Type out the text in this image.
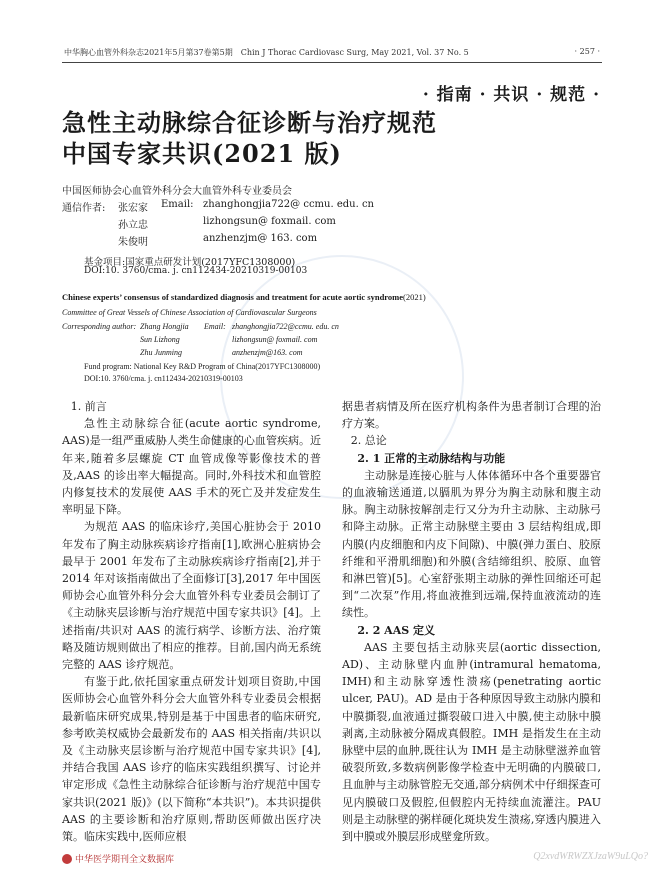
中华胸心血管外科杂志2021年5月第37卷第5期　Chin J Thorac Cardiovasc Surg, May 2021, Vol. 37 No. 5	· 257 ·
· 指南 · 共识 · 规范 ·
急性主动脉综合征诊断与治疗规范
中国专家共识(2021 版)
中国医师协会心血管外科分会大血管外科专业委员会
通信作者: 张宏家 Email: zhanghongjia722@ ccmu. edu. cn
孙立忠	lizhongsun@ foxmail. com
朱俊明	anzhenzjm@ 163. com
基金项目:国家重点研发计划(2017YFC1308000)
DOI:10. 3760/cma. j. cn112434-20210319-00103
Chinese experts’ consensus of standardized diagnosis and treatment for acute aortic syndrome(2021)
Committee of Great Vessels of Chinese Association of Cardiovascular Surgeons
Corresponding author: Zhang Hongjia Email: zhanghongjia722@ccmu. edu. cn
Sun Lizhong	lizhongsun@ foxmail. com
Zhu Junming	anzhenzjm@163. com
Fund program: National Key R&D Program of China(2017YFC1308000)
DOI:10. 3760/cma. j. cn112434-20210319-00103

1. 前言

急性主动脉综合征(acute aortic syndrome, AAS)是一组严重威胁人类生命健康的心血管疾病。近年来,随着多层螺旋 CT 血管成像等影像技术的普及,AAS 的诊出率大幅提高。同时,外科技术和血管腔内修复技术的发展使 AAS 手术的死亡及并发症发生率明显下降。

为规范 AAS 的临床诊疗,美国心脏协会于 2010 年发布了胸主动脉疾病诊疗指南[1],欧洲心脏病协会最早于 2001 年发布了主动脉疾病诊疗指南[2],并于 2014 年对该指南做出了全面修订[3],2017 年中国医师协会心血管外科分会大血管外科专业委员会制订了《主动脉夹层诊断与治疗规范中国专家共识》[4]。上述指南/共识对 AAS 的流行病学、诊断方法、治疗策略及随访规则做出了相应的推荐。目前,国内尚无系统完整的 AAS 诊疗规范。

有鉴于此,依托国家重点研发计划项目资助,中国医师协会心血管外科分会大血管外科专业委员会根据最新临床研究成果,特别是基于中国患者的临床研究,参考欧美权威协会最新发布的 AAS 相关指南/共识以及《主动脉夹层诊断与治疗规范中国专家共识》[4],并结合我国 AAS 诊疗的临床实践组织撰写、讨论并审定形成《急性主动脉综合征诊断与治疗规范中国专家共识(2021 版)》(以下简称“本共识”)。本共识提供 AAS 的主要诊断和治疗原则,帮助医师做出医疗决策。临床实践中,医师应根

据患者病情及所在医疗机构条件为患者制订合理的治疗方案。

2. 总论

2. 1 正常的主动脉结构与功能

主动脉是连接心脏与人体体循环中各个重要器官的血液输送通道,以膈肌为界分为胸主动脉和腹主动脉。胸主动脉按解剖走行又分为升主动脉、主动脉弓和降主动脉。正常主动脉壁主要由 3 层结构组成,即内膜(内皮细胞和内皮下间隙)、中膜(弹力蛋白、胶原纤维和平滑肌细胞)和外膜(含结缔组织、胶原、血管和淋巴管)[5]。心室舒张期主动脉的弹性回缩还可起到“二次泵”作用,将血液推到远端,保持血液流动的连续性。

2. 2 AAS 定义

AAS 主要包括主动脉夹层(aortic dissection, AD)、主动脉壁内血肿(intramural hematoma, IMH)和主动脉穿透性溃疡(penetrating aortic ulcer, PAU)。AD 是由于各种原因导致主动脉内膜和中膜撕裂,血液通过撕裂破口进入中膜,使主动脉中膜剥离,主动脉被分隔成真假腔。IMH 是指发生在主动脉壁中层的血肿,既往认为 IMH 是主动脉壁滋养血管破裂所致,多数病例影像学检查中无明确的内膜破口,且血肿与主动脉管腔无交通,部分病例术中仔细探查可见内膜破口及假腔,但假腔内无持续血流灌注。PAU 则是主动脉壁的粥样硬化斑块发生溃疡,穿透内膜进入到中膜或外膜层形成壁龛所致。

中华医学期刊全文数据库	Q2xvdWRWZXJzaW9uLQo?
